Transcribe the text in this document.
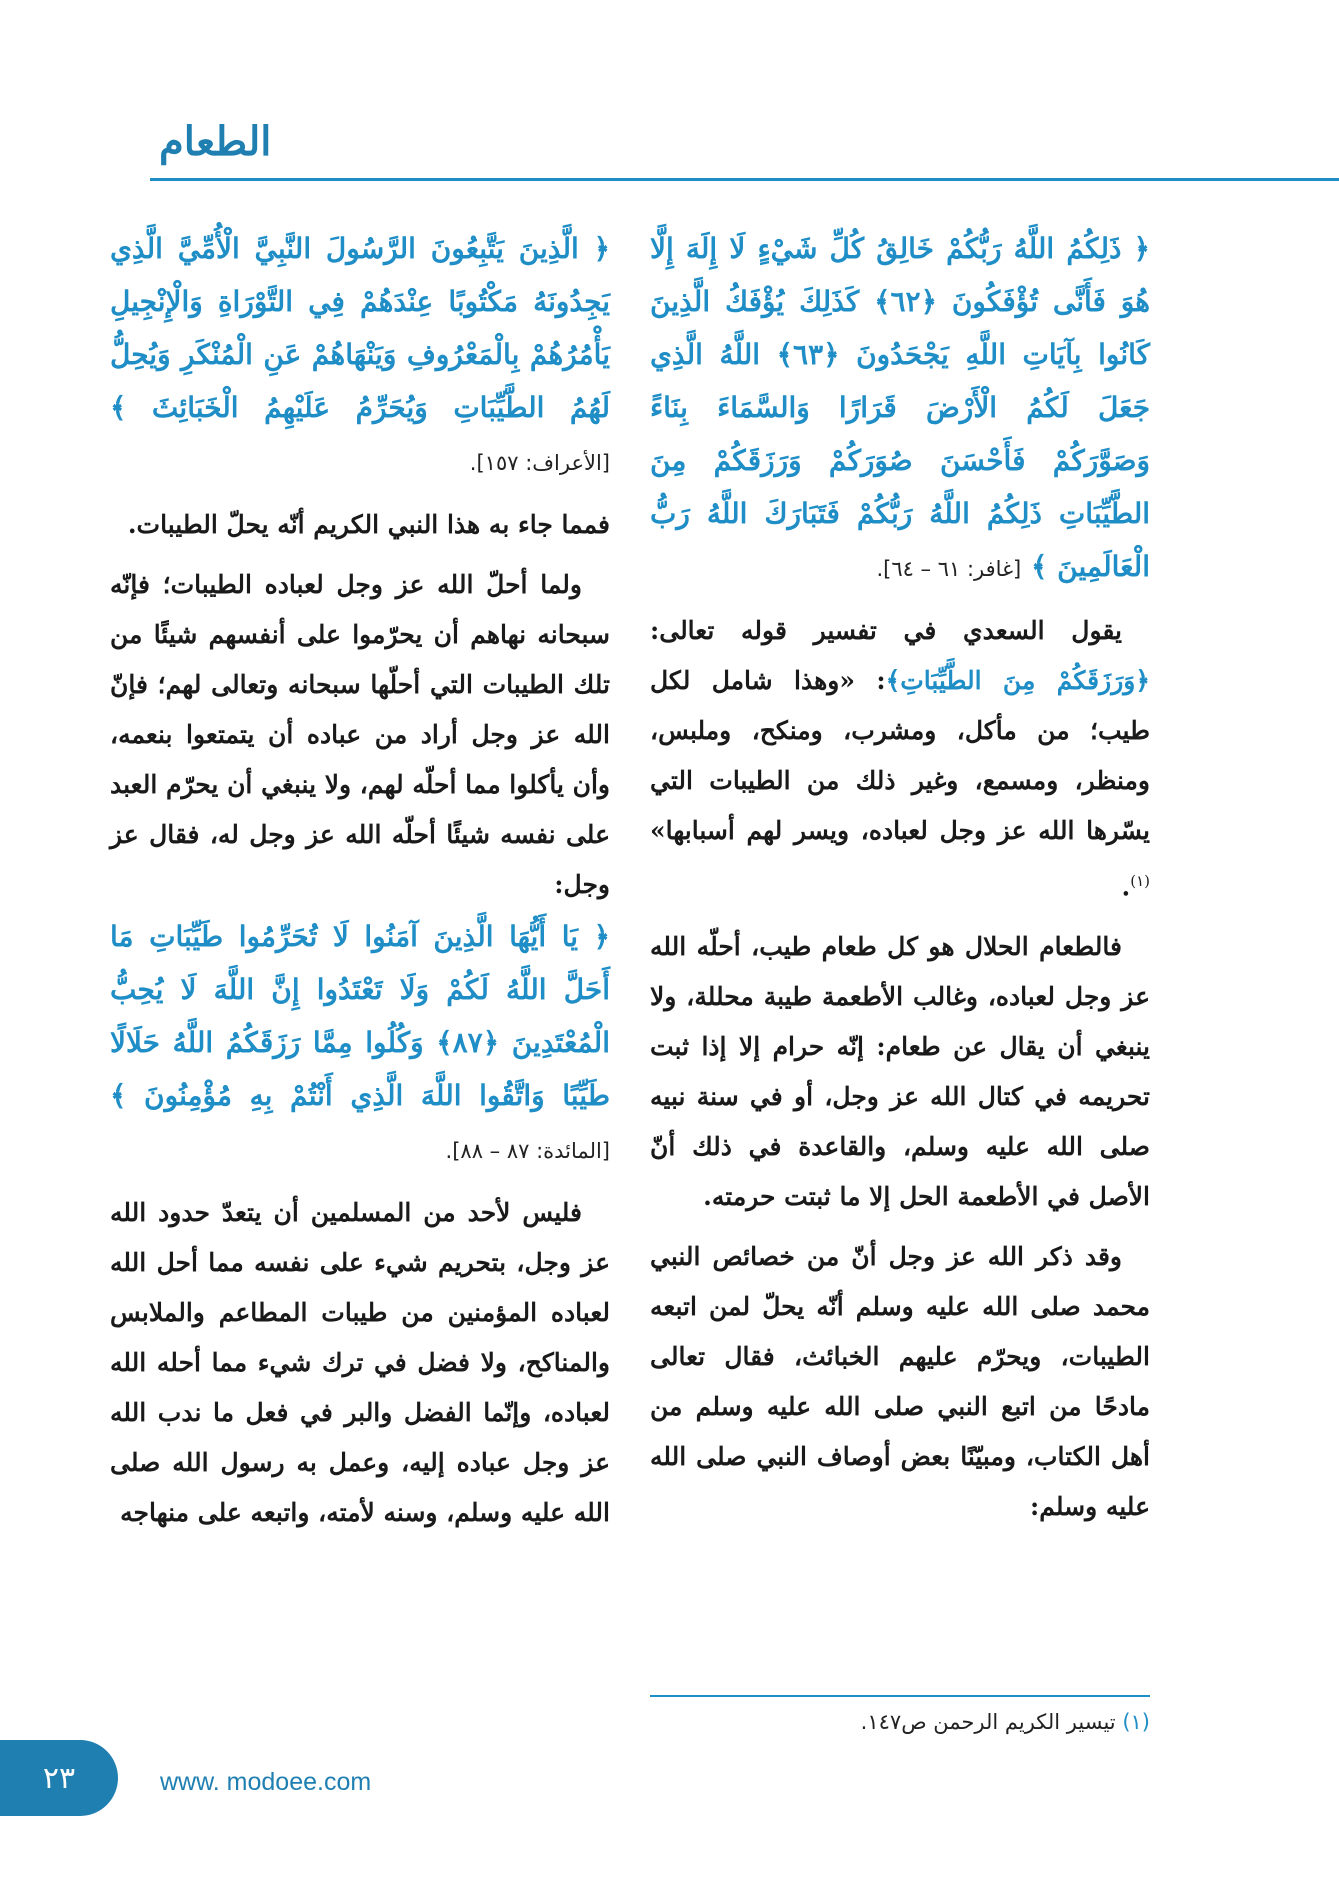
الطعام
﴿ ذَلِكُمُ اللَّهُ رَبُّكُمْ خَالِقُ كُلِّ شَيْءٍ لَا إِلَهَ إِلَّا هُوَ فَأَنَّى تُؤْفَكُونَ ﴿٦٢﴾ كَذَلِكَ يُؤْفَكُ الَّذِينَ كَانُوا بِآيَاتِ اللَّهِ يَجْحَدُونَ ﴿٦٣﴾ اللَّهُ الَّذِي جَعَلَ لَكُمُ الْأَرْضَ قَرَارًا وَالسَّمَاءَ بِنَاءً وَصَوَّرَكُمْ فَأَحْسَنَ صُوَرَكُمْ وَرَزَقَكُمْ مِنَ الطَّيِّبَاتِ ذَلِكُمُ اللَّهُ رَبُّكُمْ فَتَبَارَكَ اللَّهُ رَبُّ الْعَالَمِينَ ﴾ [غافر: ٦١ – ٦٤].

يقول السعدي في تفسير قوله تعالى: ﴿وَرَزَقَكُمْ مِنَ الطَّيِّبَاتِ﴾: «وهذا شامل لكل طيب؛ من مأكل، ومشرب، ومنكح، وملبس، ومنظر، ومسمع، وغير ذلك من الطيبات التي يسّرها الله عز وجل لعباده، ويسر لهم أسبابها» $^{(١)}$.

فالطعام الحلال هو كل طعام طيب، أحلّه الله عز وجل لعباده، وغالب الأطعمة طيبة محللة، ولا ينبغي أن يقال عن طعام: إنّه حرام إلا إذا ثبت تحريمه في كتال الله عز وجل، أو في سنة نبيه صلى الله عليه وسلم، والقاعدة في ذلك أنّ الأصل في الأطعمة الحل إلا ما ثبتت حرمته.

وقد ذكر الله عز وجل أنّ من خصائص النبي محمد صلى الله عليه وسلم أنّه يحلّ لمن اتبعه الطيبات، ويحرّم عليهم الخبائث، فقال تعالى مادحًا من اتبع النبي صلى الله عليه وسلم من أهل الكتاب، ومبيّنًا بعض أوصاف النبي صلى الله عليه وسلم:

﴿ الَّذِينَ يَتَّبِعُونَ الرَّسُولَ النَّبِيَّ الْأُمِّيَّ الَّذِي يَجِدُونَهُ مَكْتُوبًا عِنْدَهُمْ فِي التَّوْرَاةِ وَالْإِنْجِيلِ يَأْمُرُهُمْ بِالْمَعْرُوفِ وَيَنْهَاهُمْ عَنِ الْمُنْكَرِ وَيُحِلُّ لَهُمُ الطَّيِّبَاتِ وَيُحَرِّمُ عَلَيْهِمُ الْخَبَائِثَ ﴾ [الأعراف: ١٥٧].

فمما جاء به هذا النبي الكريم أنّه يحلّ الطيبات.

ولما أحلّ الله عز وجل لعباده الطيبات؛ فإنّه سبحانه نهاهم أن يحرّموا على أنفسهم شيئًا من تلك الطيبات التي أحلّها سبحانه وتعالى لهم؛ فإنّ الله عز وجل أراد من عباده أن يتمتعوا بنعمه، وأن يأكلوا مما أحلّه لهم، ولا ينبغي أن يحرّم العبد على نفسه شيئًا أحلّه الله عز وجل له، فقال عز وجل:

﴿ يَا أَيُّهَا الَّذِينَ آمَنُوا لَا تُحَرِّمُوا طَيِّبَاتِ مَا أَحَلَّ اللَّهُ لَكُمْ وَلَا تَعْتَدُوا إِنَّ اللَّهَ لَا يُحِبُّ الْمُعْتَدِينَ ﴿٨٧﴾ وَكُلُوا مِمَّا رَزَقَكُمُ اللَّهُ حَلَالًا طَيِّبًا وَاتَّقُوا اللَّهَ الَّذِي أَنْتُمْ بِهِ مُؤْمِنُونَ ﴾ [المائدة: ٨٧ – ٨٨].

فليس لأحد من المسلمين أن يتعدّ حدود الله عز وجل، بتحريم شيء على نفسه مما أحل الله لعباده المؤمنين من طيبات المطاعم والملابس والمناكح، ولا فضل في ترك شيء مما أحله الله لعباده، وإنّما الفضل والبر في فعل ما ندب الله عز وجل عباده إليه، وعمل به رسول الله صلى الله عليه وسلم، وسنه لأمته، واتبعه على منهاجه

(١) تيسير الكريم الرحمن ص١٤٧.
٢٣	www. modoee.com
